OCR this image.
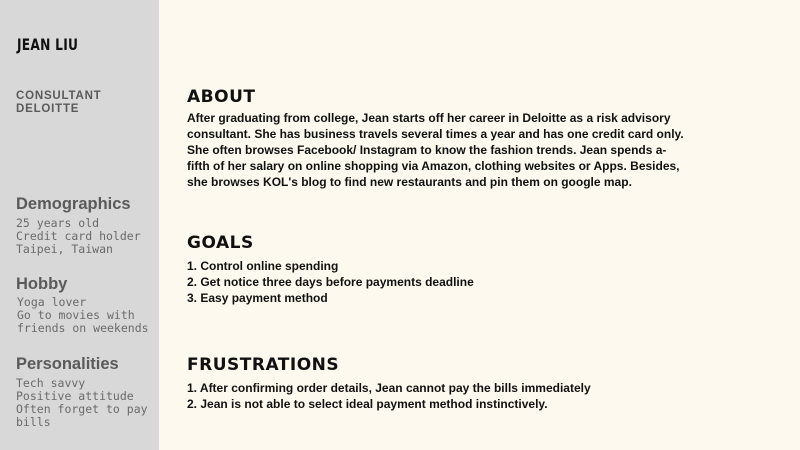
JEAN LIU
CONSULTANT
DELOITTE
Demographics
25 years old
Credit card holder
Taipei, Taiwan
Hobby
Yoga lover
Go to movies with
friends on weekends
Personalities
Tech savvy
Positive attitude
Often forget to pay
bills
ABOUT
After graduating from college, Jean starts off her career in Deloitte as a risk advisory
consultant. She has business travels several times a year and has one credit card only.
She often browses Facebook/ Instagram to know the fashion trends. Jean spends a-
fifth of her salary on online shopping via Amazon, clothing websites or Apps. Besides,
she browses KOL's blog to find new restaurants and pin them on google map.
GOALS
1. Control online spending
2. Get notice three days before payments deadline
3. Easy payment method
FRUSTRATIONS
1. After confirming order details, Jean cannot pay the bills immediately
2. Jean is not able to select ideal payment method instinctively.
